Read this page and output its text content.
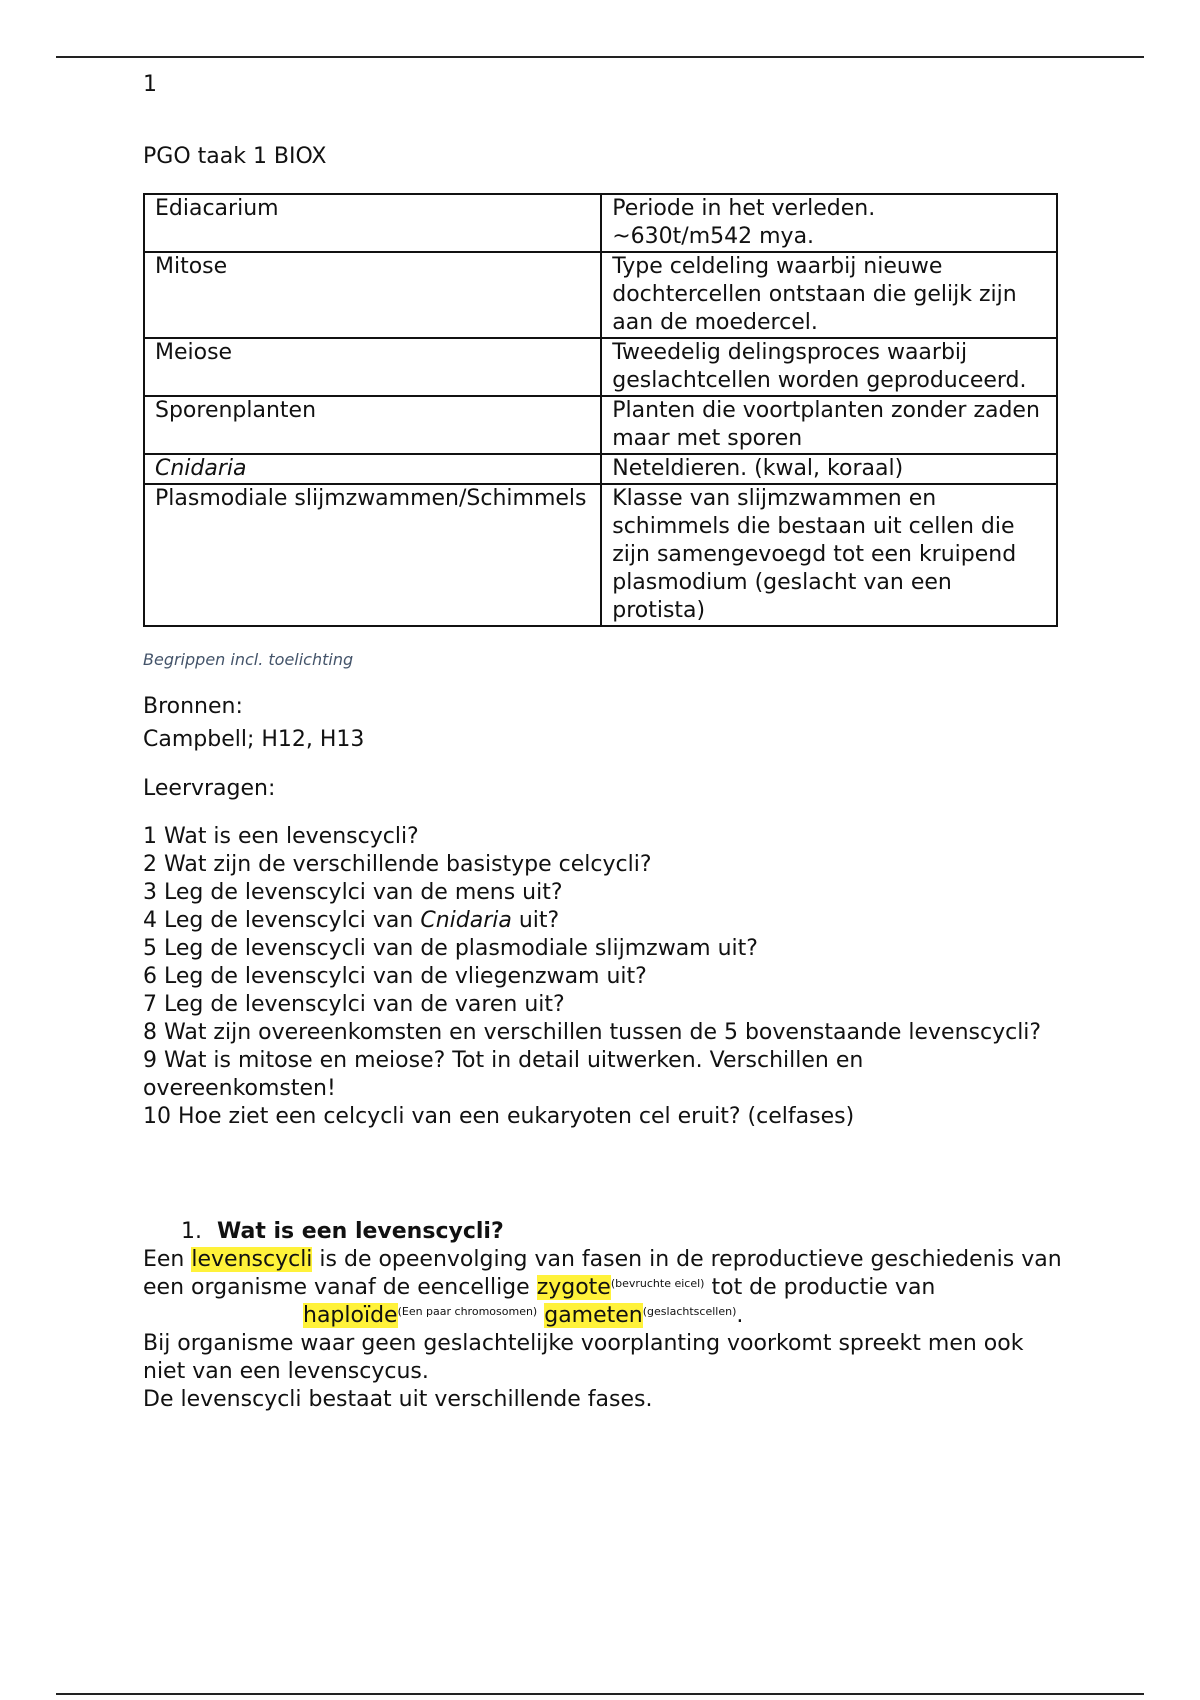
1
PGO taak 1 BIOX
Ediacarium	Periode in het verleden.
~630t/m542 mya.

Mitose	Type celdeling waarbij nieuwe dochtercellen ontstaan die gelijk zijn aan de moedercel.
Meiose	Tweedelig delingsproces waarbij geslachtcellen worden geproduceerd.
Sporenplanten	Planten die voortplanten zonder zaden maar met sporen
Cnidaria	Neteldieren. (kwal, koraal)
Plasmodiale slijmzwammen/Schimmels	Klasse van slijmzwammen en schimmels die bestaan uit cellen die zijn samengevoegd tot een kruipend plasmodium (geslacht van een protista)
Begrippen incl. toelichting
Bronnen:
Campbell; H12, H13
Leervragen:
1 Wat is een levenscycli?
2 Wat zijn de verschillende basistype celcycli?
3 Leg de levenscylci van de mens uit?
4 Leg de levenscylci van Cnidaria uit?
5 Leg de levenscycli van de plasmodiale slijmzwam uit?
6 Leg de levenscylci van de vliegenzwam uit?
7 Leg de levenscylci van de varen uit?
8 Wat zijn overeenkomsten en verschillen tussen de 5 bovenstaande levenscycli?
9 Wat is mitose en meiose? Tot in detail uitwerken. Verschillen en overeenkomsten!
10 Hoe ziet een celcycli van een eukaryoten cel eruit? (celfases)
1. Wat is een levenscycli?
Een levenscycli is de opeenvolging van fasen in de reproductieve geschiedenis van een organisme vanaf de eencellige zygote$^{(bevruchte eicel)}$ tot de productie vanhaploïde$^{(Een paar chromosomen)}$ gameten$^{(geslachtscellen)}$.
Bij organisme waar geen geslachtelijke voorplanting voorkomt spreekt men ook niet van een levenscycus.
De levenscycli bestaat uit verschillende fases.
